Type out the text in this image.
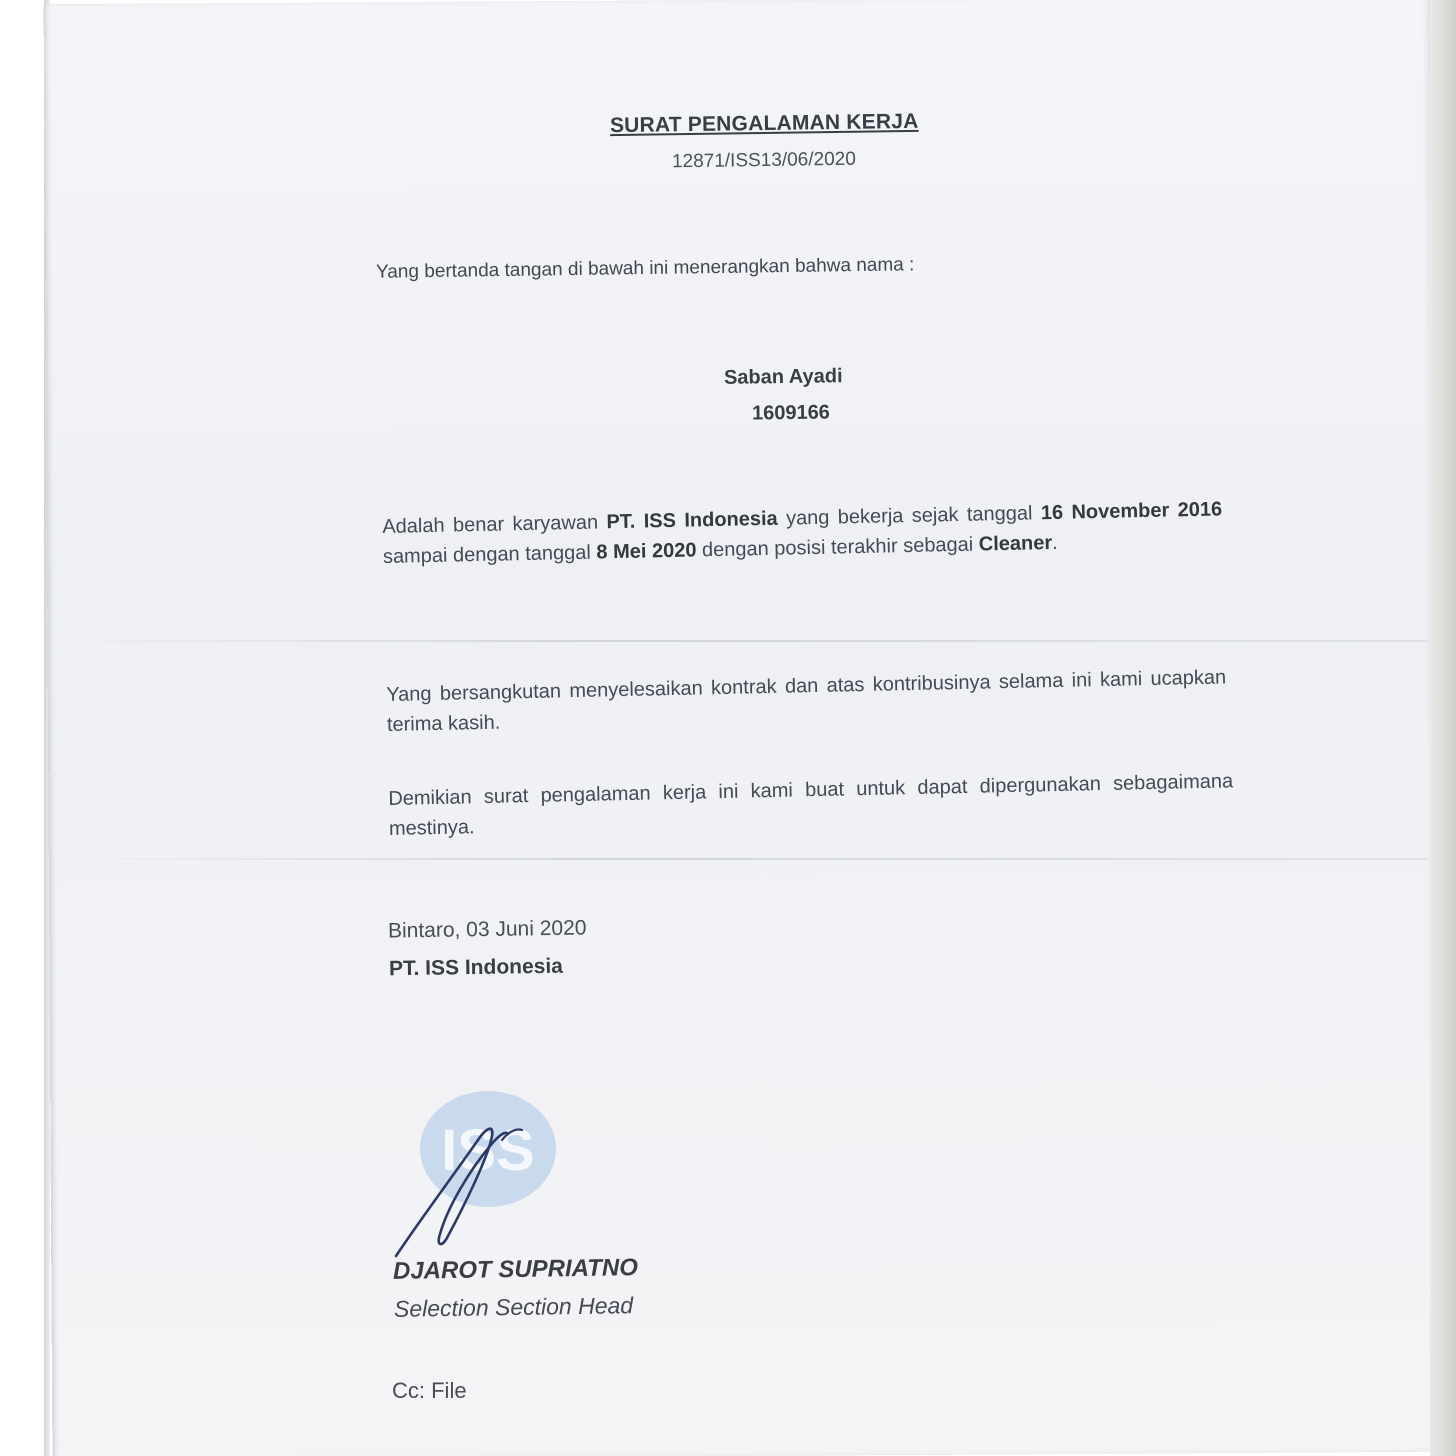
SURAT PENGALAMAN KERJA
12871/ISS13/06/2020
Yang bertanda tangan di bawah ini menerangkan bahwa nama :
Saban Ayadi
1609166
Adalah benar karyawan PT. ISS Indonesia yang bekerja sejak tanggal 16 November 2016 sampai dengan tanggal 8 Mei 2020 dengan posisi terakhir sebagai Cleaner.
Yang bersangkutan menyelesaikan kontrak dan atas kontribusinya selama ini kami ucapkan terima kasih.
Demikian surat pengalaman kerja ini kami buat untuk dapat dipergunakan sebagaimana mestinya.
Bintaro, 03 Juni 2020
PT. ISS Indonesia
ISS
DJAROT SUPRIATNO
Selection Section Head
Cc: File
